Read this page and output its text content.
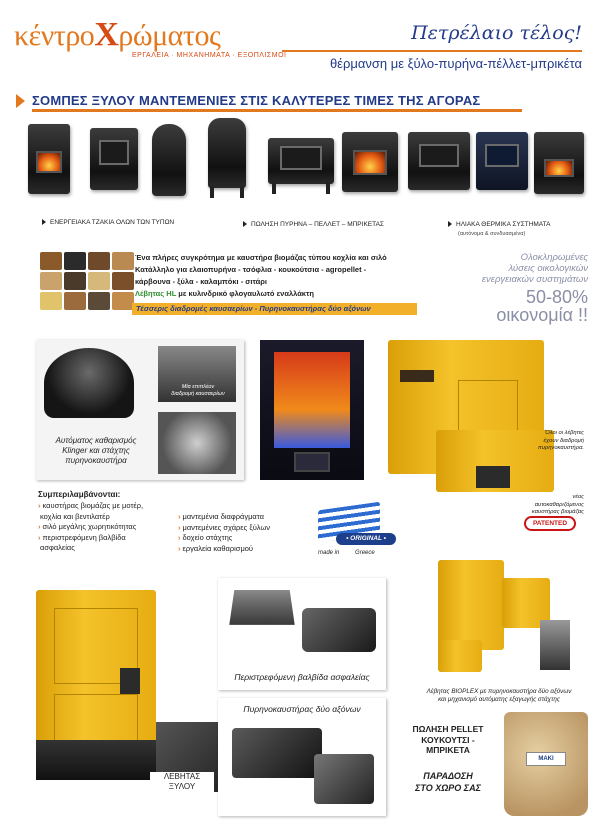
κέντροΧρώματος
ΕΡΓΑΛΕΙΑ · ΜΗΧΑΝΗΜΑΤΑ · ΕΞΟΠΛΙΣΜΟΙ
Πετρέλαιο τέλος!
θέρμανση με ξύλο-πυρήνα-πέλλετ-μπρικέτα
ΣΟΜΠΕΣ ΞΥΛΟΥ ΜΑΝΤΕΜΕΝΙΕΣ ΣΤΙΣ ΚΑΛΥΤΕΡΕΣ ΤΙΜΕΣ ΤΗΣ ΑΓΟΡΑΣ
ΕΝΕΡΓΕΙΑΚΑ ΤΖΑΚΙΑ ΟΛΩΝ ΤΩΝ ΤΥΠΩΝ	ΠΩΛΗΣΗ ΠΥΡΗΝΑ – ΠΕΛΛΕΤ – ΜΠΡΙΚΕΤΑΣ	ΗΛΙΑΚΑ ΘΕΡΜΙΚΑ ΣΥΣΤΗΜΑΤΑ
(αυτόνομα & συνδυασμένα)
Ένα πλήρες συγκρότημα με καυστήρα βιομάζας τύπου κοχλία και σιλό
Κατάλληλο για ελαιοπυρήνα - τσόφλια - κουκούτσια - agropellet -
κάρβουνα - ξύλα - καλαμπόκι - σιτάρι
Λέβητας HL με κυλινδρικό φλογαυλωτό εναλλάκτη
Τέσσερις διαδρομές καυσαερίων - Πυρηνοκαυστήρας δύο αξόνων
Ολοκληρωμένες
λύσεις οικολογικών
ενεργειακών συστημάτων
50-80%
οικονομία !!
Μία επιπλέον
διαδρομή καυσαερίων
Αυτόματος καθαρισμός
Klinger και στάχτης
πυρηνοκαυστήρα
Όλοι οι λέβητες
έχουν διαδρομή
πυρηνοκαυστήρα.
νέος
αυτοκαθαριζόμενος
καυστήρας βιομάζας
PATENTED
Συμπεριλαμβάνονται:
› καυστήρας βιομάζας με μοτέρ,
κοχλία και βεντιλατέρ
› σιλό μεγάλης χωρητικότητας
› περιστρεφόμενη βαλβίδα
ασφαλείας
› μαντεμένια διαφράγματα
› μαντεμένιες σχάρες ξύλων
› δοχείο στάχτης
› εργαλεία καθαρισμού
• ORIGINAL •
made in	Greece
ΛΕΒΗΤΑΣ
ΞΥΛΟΥ
Περιστρεφόμενη βαλβίδα ασφαλείας
Πυρηνοκαυστήρας δύο αξόνων
Λέβητας BIOPLEX με πυρηνοκαυστήρα δύο αξόνων
και μηχανισμό αυτόματης εξαγωγής στάχτης
ΠΩΛΗΣΗ PELLET
ΚΟΥΚΟΥΤΣΙ -
ΜΠΡΙΚΕΤΑ
ΠΑΡΑΔΟΣΗ
ΣΤΟ ΧΩΡΟ ΣΑΣ
MAKI
